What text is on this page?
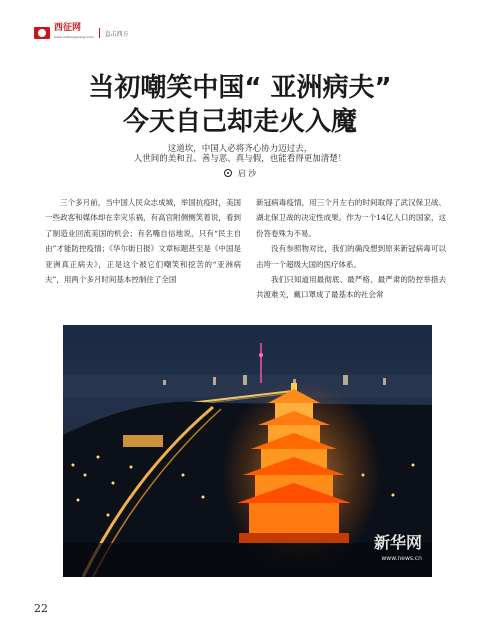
西征网
www.xizhengwang.com 直击西方
当初嘲笑中国“ 亚洲病夫”
今天自己却走火入魔
这道坎，中国人必将齐心协力迈过去，
人世间的美和丑、善与恶、真与假，也能看得更加清楚！
启 沙

三个多月前，当中国人民众志成城，举国抗疫时，美国一些政客和媒体却在幸灾乐祸，有高官附侧恻笑着说，看到了制造业回流美国的机会；有名嘴自信地说，只有“民主自由”才能防控疫情；《华尔街日报》文章标题甚至是《中国是亚洲真正病夫》，正是这个被它们嘲笑和挖苦的“亚洲病夫”，用两个多月时间基本控制住了全国

新冠病毒疫情，用三个月左右的时间取得了武汉保卫战、湖北保卫战的决定性成果。作为一个14亿人口的国家，这份答卷殊为不易。

没有参照物对比，我们的确没想到原来新冠病毒可以击垮一个超级大国的医疗体系。

我们只知道用最彻底、最严格、最严肃的防控举措去共渡难关，戴口罩成了最基本的社会常

新华网
www.news.cn
22
